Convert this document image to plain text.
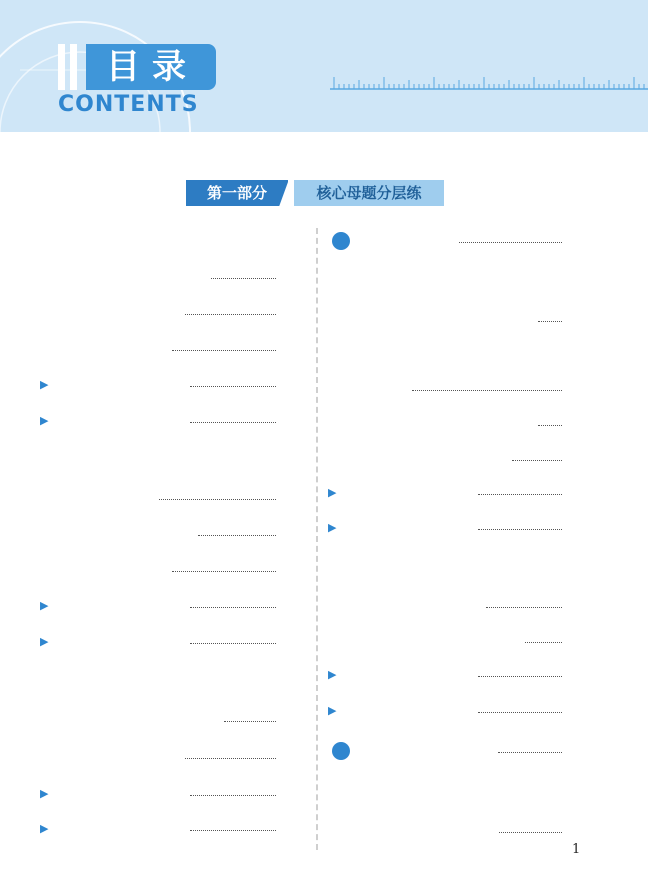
目录
CONTENTS
第一部分	核心母题分层练
▶
▶
▶
▶
▶
▶
▶
▶
▶
▶
1
